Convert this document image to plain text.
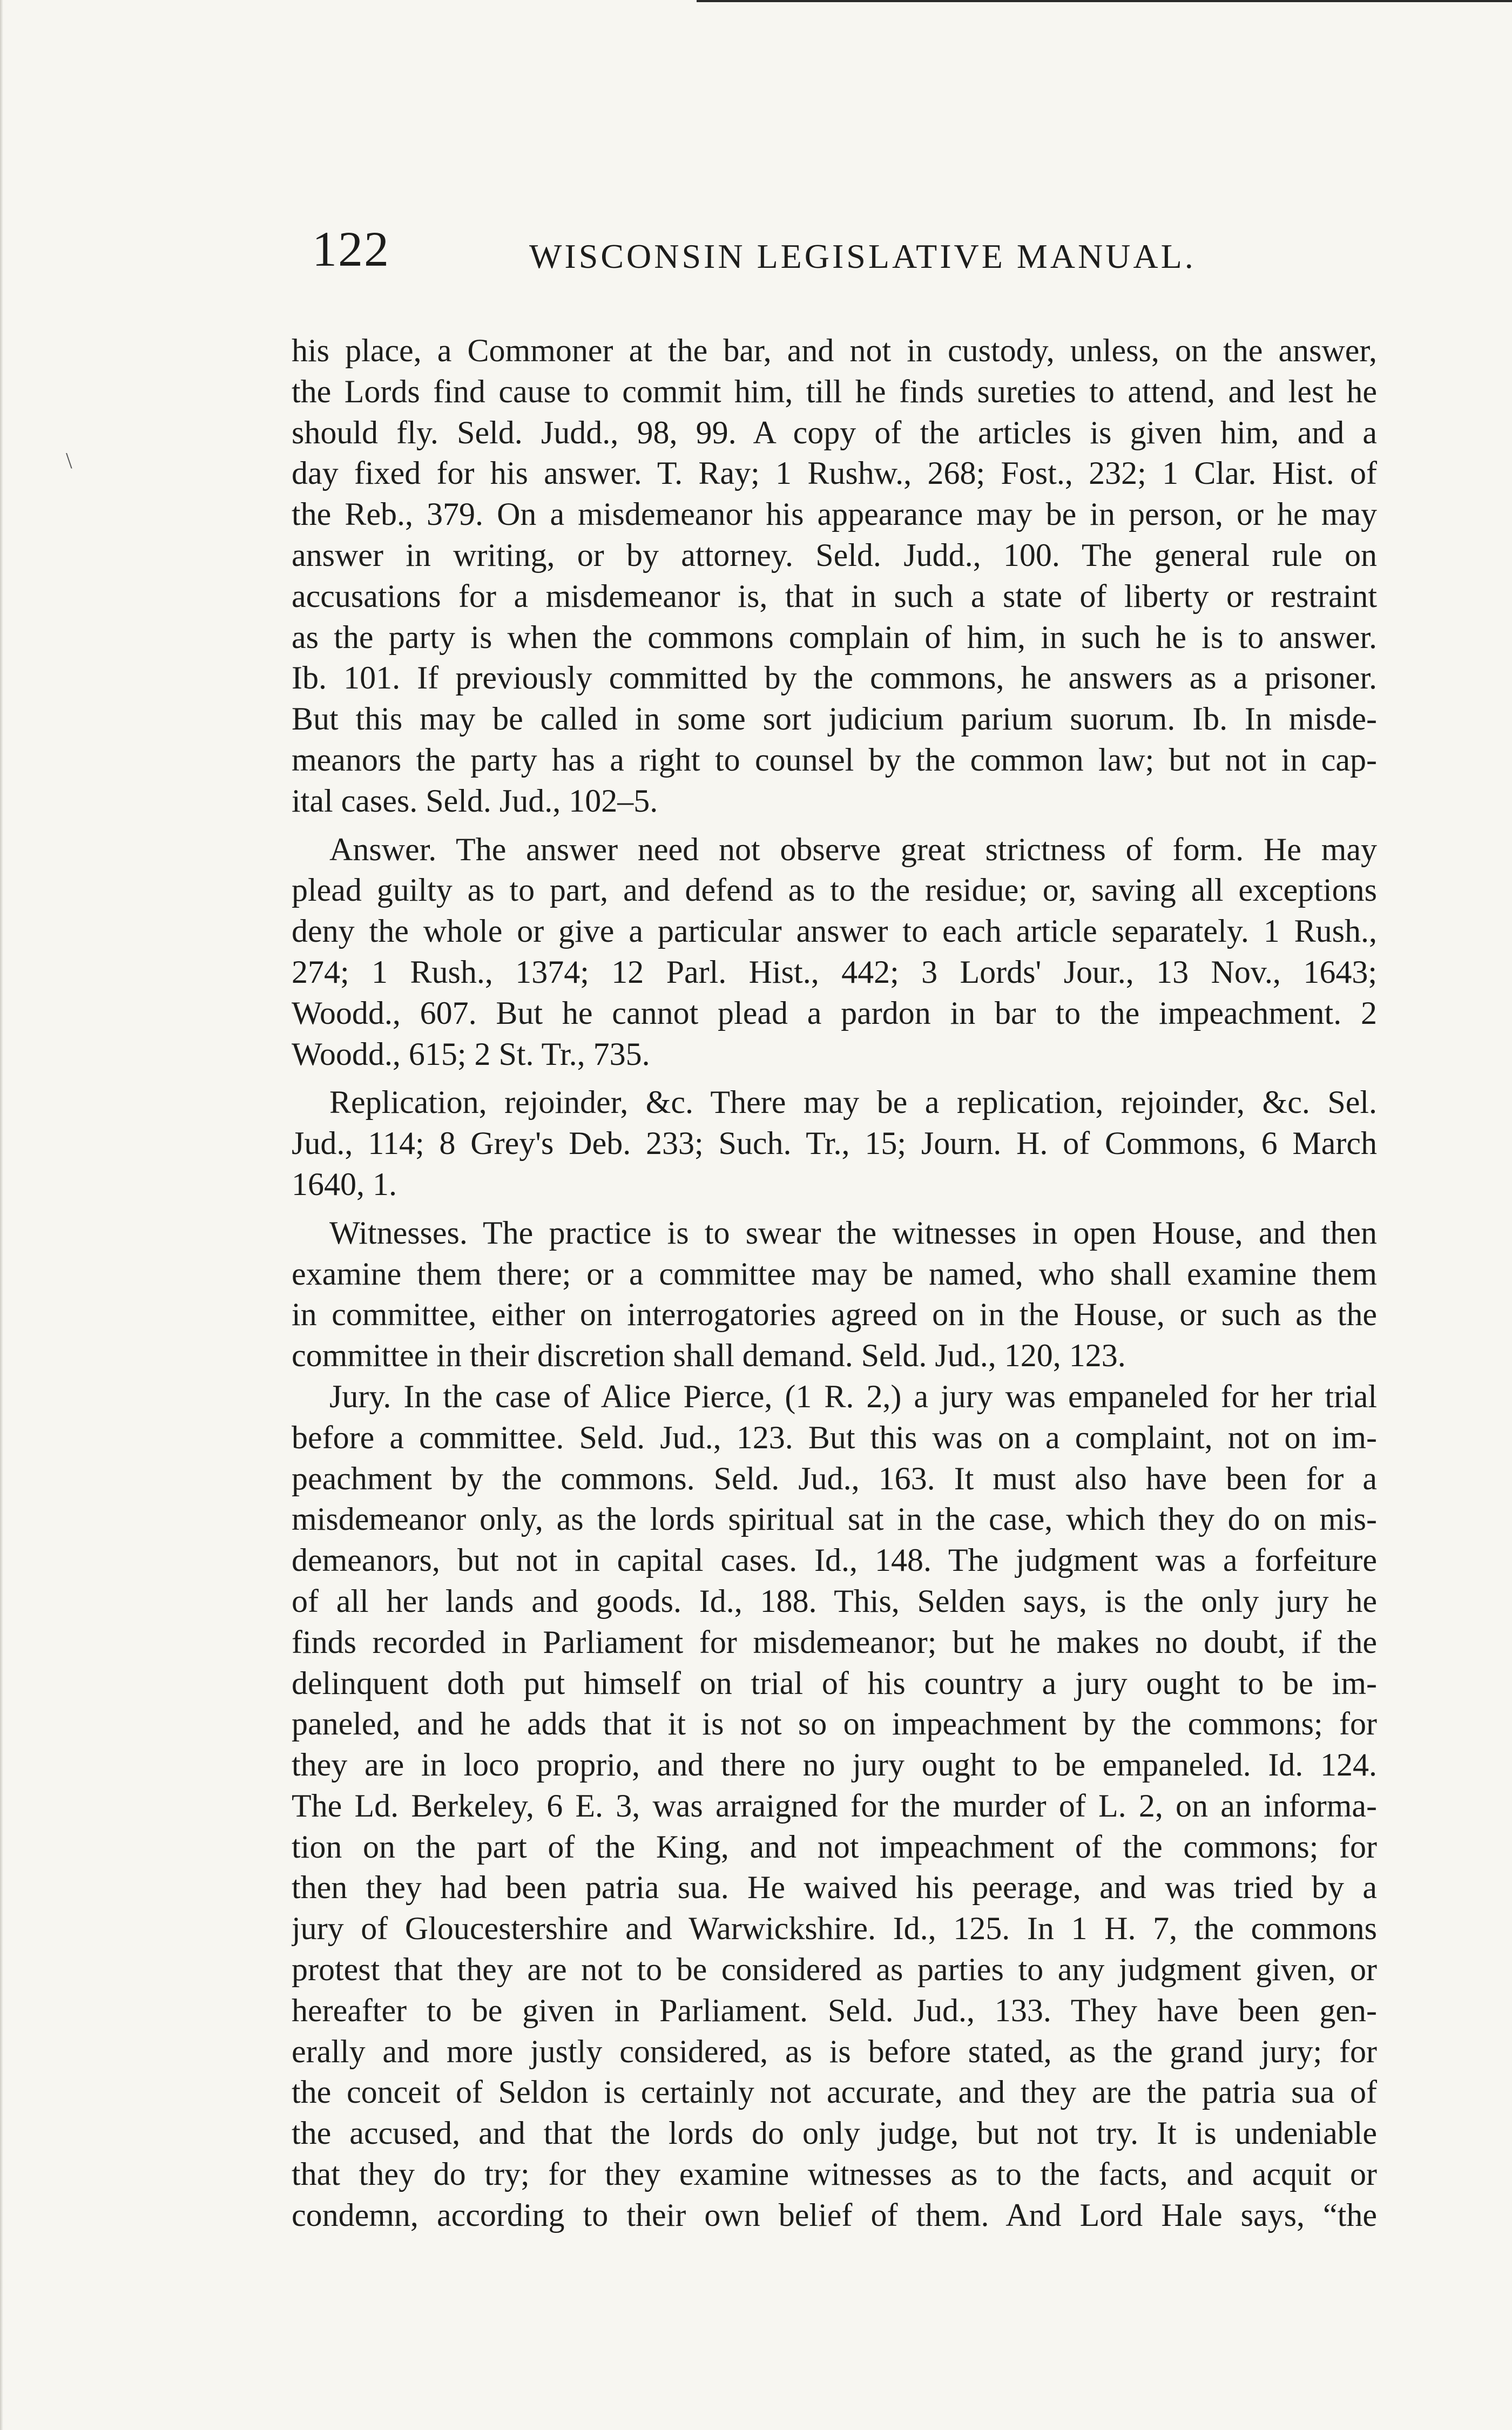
122	WISCONSIN LEGISLATIVE MANUAL.
\
his place, a Commoner at the bar, and not in custody, unless, on the answer,
the Lords find cause to commit him, till he finds sureties to attend, and lest he
should fly. Seld. Judd., 98, 99. A copy of the articles is given him, and a
day fixed for his answer. T. Ray; 1 Rushw., 268; Fost., 232; 1 Clar. Hist. of
the Reb., 379. On a misdemeanor his appearance may be in person, or he may
answer in writing, or by attorney. Seld. Judd., 100. The general rule on
accusations for a misdemeanor is, that in such a state of liberty or restraint
as the party is when the commons complain of him, in such he is to answer.
Ib. 101. If previously committed by the commons, he answers as a prisoner.
But this may be called in some sort judicium parium suorum. Ib. In misde-
meanors the party has a right to counsel by the common law; but not in cap-
ital cases. Seld. Jud., 102–5.
Answer. The answer need not observe great strictness of form. He may
plead guilty as to part, and defend as to the residue; or, saving all exceptions
deny the whole or give a particular answer to each article separately. 1 Rush.,
274; 1 Rush., 1374; 12 Parl. Hist., 442; 3 Lords' Jour., 13 Nov., 1643;
Woodd., 607. But he cannot plead a pardon in bar to the impeachment. 2
Woodd., 615; 2 St. Tr., 735.
Replication, rejoinder, &c. There may be a replication, rejoinder, &c. Sel.
Jud., 114; 8 Grey's Deb. 233; Such. Tr., 15; Journ. H. of Commons, 6 March
1640, 1.
Witnesses. The practice is to swear the witnesses in open House, and then
examine them there; or a committee may be named, who shall examine them
in committee, either on interrogatories agreed on in the House, or such as the
committee in their discretion shall demand. Seld. Jud., 120, 123.
Jury. In the case of Alice Pierce, (1 R. 2,) a jury was empaneled for her trial
before a committee. Seld. Jud., 123. But this was on a complaint, not on im-
peachment by the commons. Seld. Jud., 163. It must also have been for a
misdemeanor only, as the lords spiritual sat in the case, which they do on mis-
demeanors, but not in capital cases. Id., 148. The judgment was a forfeiture
of all her lands and goods. Id., 188. This, Selden says, is the only jury he
finds recorded in Parliament for misdemeanor; but he makes no doubt, if the
delinquent doth put himself on trial of his country a jury ought to be im-
paneled, and he adds that it is not so on impeachment by the commons; for
they are in loco proprio, and there no jury ought to be empaneled. Id. 124.
The Ld. Berkeley, 6 E. 3, was arraigned for the murder of L. 2, on an informa-
tion on the part of the King, and not impeachment of the commons; for
then they had been patria sua. He waived his peerage, and was tried by a
jury of Gloucestershire and Warwickshire. Id., 125. In 1 H. 7, the commons
protest that they are not to be considered as parties to any judgment given, or
hereafter to be given in Parliament. Seld. Jud., 133. They have been gen-
erally and more justly considered, as is before stated, as the grand jury; for
the conceit of Seldon is certainly not accurate, and they are the patria sua of
the accused, and that the lords do only judge, but not try. It is undeniable
that they do try; for they examine witnesses as to the facts, and acquit or
condemn, according to their own belief of them. And Lord Hale says, “the
